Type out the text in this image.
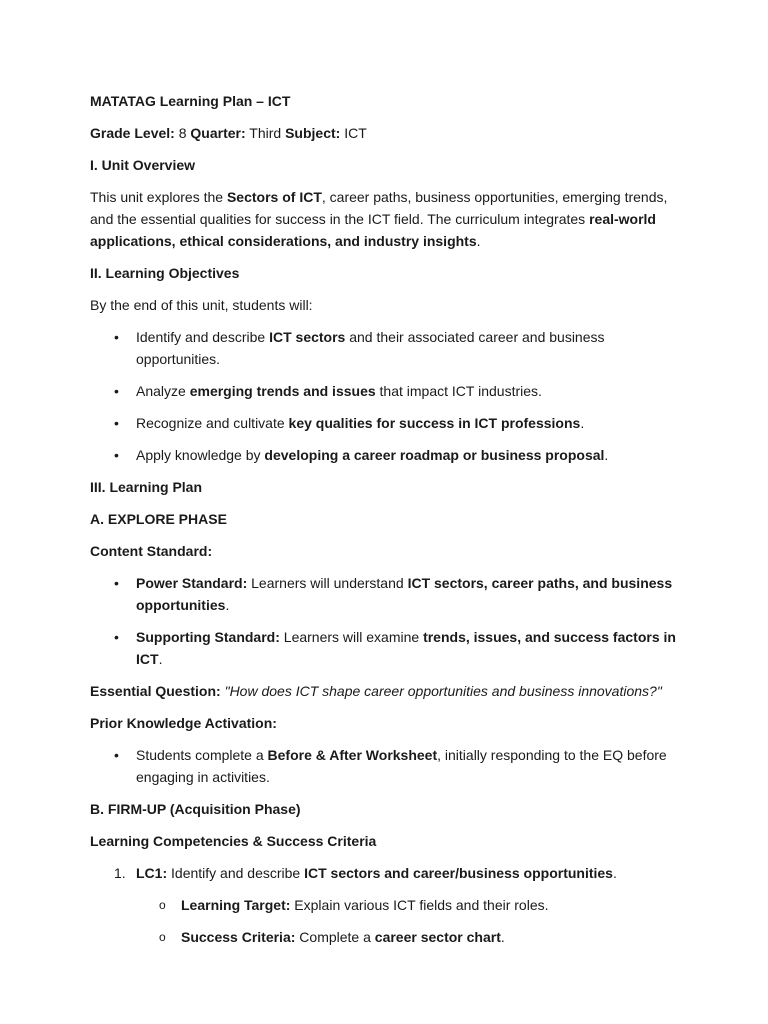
MATATAG Learning Plan – ICT
Grade Level: 8 Quarter: Third Subject: ICT
I. Unit Overview
This unit explores the Sectors of ICT, career paths, business opportunities, emerging trends, and the essential qualities for success in the ICT field. The curriculum integrates real-world applications, ethical considerations, and industry insights.
II. Learning Objectives
By the end of this unit, students will:
• Identify and describe ICT sectors and their associated career and business opportunities.
• Analyze emerging trends and issues that impact ICT industries.
• Recognize and cultivate key qualities for success in ICT professions.
• Apply knowledge by developing a career roadmap or business proposal.
III. Learning Plan
A. EXPLORE PHASE
Content Standard:
• Power Standard: Learners will understand ICT sectors, career paths, and business opportunities.
• Supporting Standard: Learners will examine trends, issues, and success factors in ICT.
Essential Question: "How does ICT shape career opportunities and business innovations?"
Prior Knowledge Activation:
• Students complete a Before & After Worksheet, initially responding to the EQ before engaging in activities.
B. FIRM-UP (Acquisition Phase)
Learning Competencies & Success Criteria
1. LC1: Identify and describe ICT sectors and career/business opportunities.
o Learning Target: Explain various ICT fields and their roles.
o Success Criteria: Complete a career sector chart.
